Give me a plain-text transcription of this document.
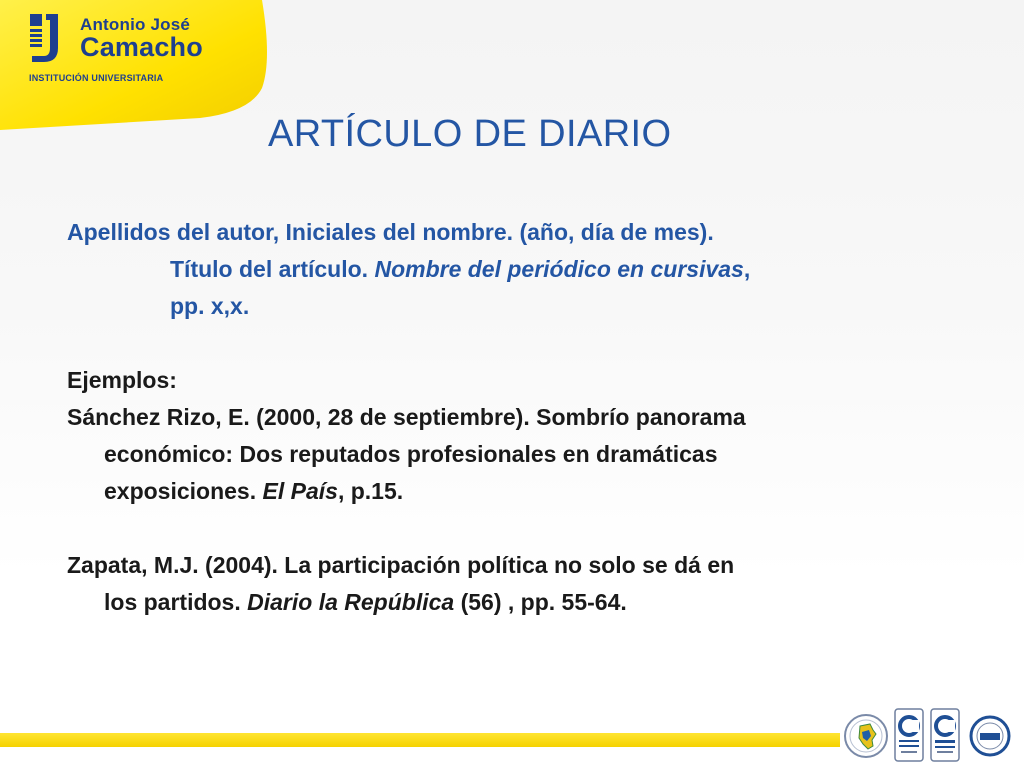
Antonio José
Camacho
INSTITUCIÓN UNIVERSITARIA
ARTÍCULO DE DIARIO
Apellidos del autor, Iniciales del nombre. (año, día de mes).
Título del artículo. Nombre del periódico en cursivas,
pp. x,x.
Ejemplos:
Sánchez Rizo, E. (2000, 28 de septiembre). Sombrío panorama
económico: Dos reputados profesionales en dramáticas
exposiciones. El País, p.15.
Zapata, M.J. (2004). La participación política no solo se dá en
los partidos. Diario la República (56) , pp. 55-64.
